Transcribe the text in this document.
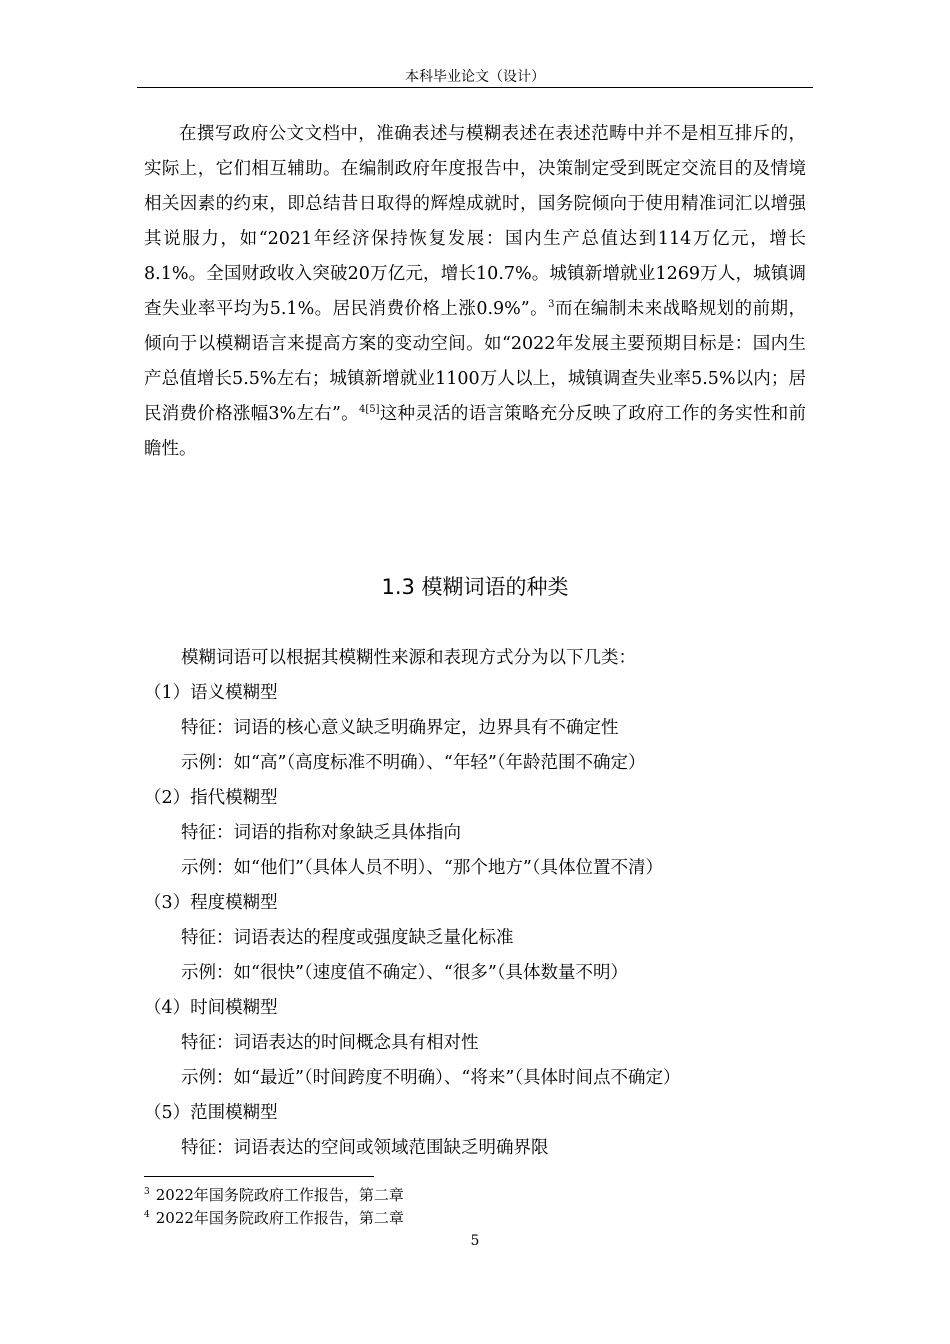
本科毕业论文（设计）

在撰写政府公文文档中，准确表述与模糊表述在表述范畴中并不是相互排斥的，实际上，它们相互辅助。在编制政府年度报告中，决策制定受到既定交流目的及情境相关因素的约束，即总结昔日取得的辉煌成就时，国务院倾向于使用精准词汇以增强其说服力，如“2021年经济保持恢复发展：国内生产总值达到114万亿元，增长8.1%。全国财政收入突破20万亿元，增长10.7%。城镇新增就业1269万人，城镇调查失业率平均为5.1%。居民消费价格上涨0.9%”。$^3$而在编制未来战略规划的前期，倾向于以模糊语言来提高方案的变动空间。如“2022年发展主要预期目标是：国内生产总值增长5.5%左右；城镇新增就业1100万人以上，城镇调查失业率5.5%以内；居民消费价格涨幅3%左右”。$^{4[5]}$这种灵活的语言策略充分反映了政府工作的务实性和前瞻性。

1.3 模糊词语的种类
模糊词语可以根据其模糊性来源和表现方式分为以下几类：
（1）语义模糊型
特征：词语的核心意义缺乏明确界定，边界具有不确定性
示例：如“高”（高度标准不明确）、“年轻”（年龄范围不确定）
（2）指代模糊型
特征：词语的指称对象缺乏具体指向
示例：如“他们”（具体人员不明）、“那个地方”（具体位置不清）
（3）程度模糊型
特征：词语表达的程度或强度缺乏量化标准
示例：如“很快”（速度值不确定）、“很多”（具体数量不明）
（4）时间模糊型
特征：词语表达的时间概念具有相对性
示例：如“最近”（时间跨度不明确）、“将来”（具体时间点不确定）
（5）范围模糊型
特征：词语表达的空间或领域范围缺乏明确界限
$^3$ 2022年国务院政府工作报告，第二章
$^4$ 2022年国务院政府工作报告，第二章
5
